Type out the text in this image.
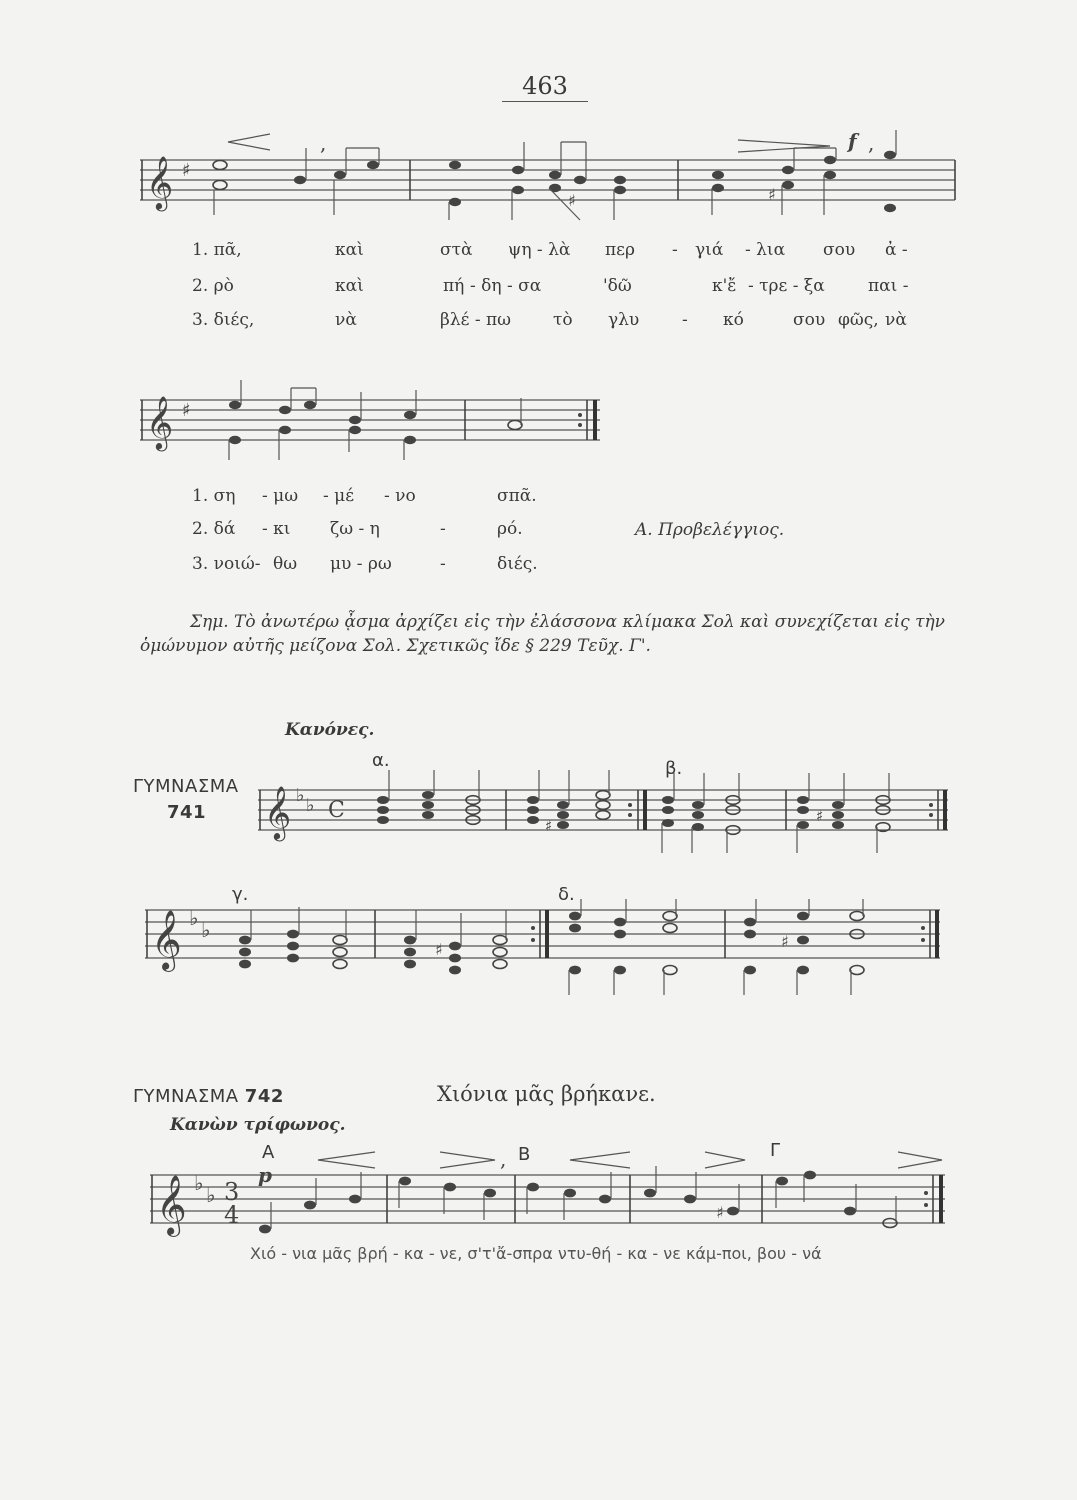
463
𝄞 ♯
f
,	,
♯	♯
1. πᾶ,	καὶ	στὰ ψη - λὰ περ - γιά - λια σου ἀ -
2. ρὸ	καὶ	πή - δη - σα	'δῶ	κ'ἔ - τρε - ξα	παι -
3. διές,	νὰ	βλέ - πω τὸ γλυ	- κό	σου φῶς, νὰ
𝄞 ♯
1. ση - μω - μέ - νο	σπᾶ.
2. δά - κι ζω - η	-	ρό.
3. νοιώ- θω μυ - ρω	-	διές.
Α. Προβελέγγιος.
Σημ. Τὸ ἀνωτέρω ᾆσμα ἀρχίζει εἰς τὴν ἐλάσσονα κλίμακα Σολ καὶ συνεχίζεται εἰς τὴν
ὁμώνυμον αὐτῆς μείζονα Σολ. Σχετικῶς ἴδε § 229 Τεῦχ. Γ'.
Κανόνες.
ΓΥΜΝΑΣΜΑ
741
α.	β.
𝄞 ♭ ♭ C
♯
♯
γ.	δ.
𝄞 ♭ ♭
♯	♯
ΓΥΜΝΑΣΜΑ 742	Χιόνια μᾶς βρήκανε.
Κανὼν τρίφωνος.
A	B	Γ
𝄞 ♭ ♭ 3
4
p
,
♯
Χιό - νια μᾶς βρή - κα - νε, σ'τ'ἄ-σπρα ντυ-θή - κα - νε κάμ-ποι, βου - νά
